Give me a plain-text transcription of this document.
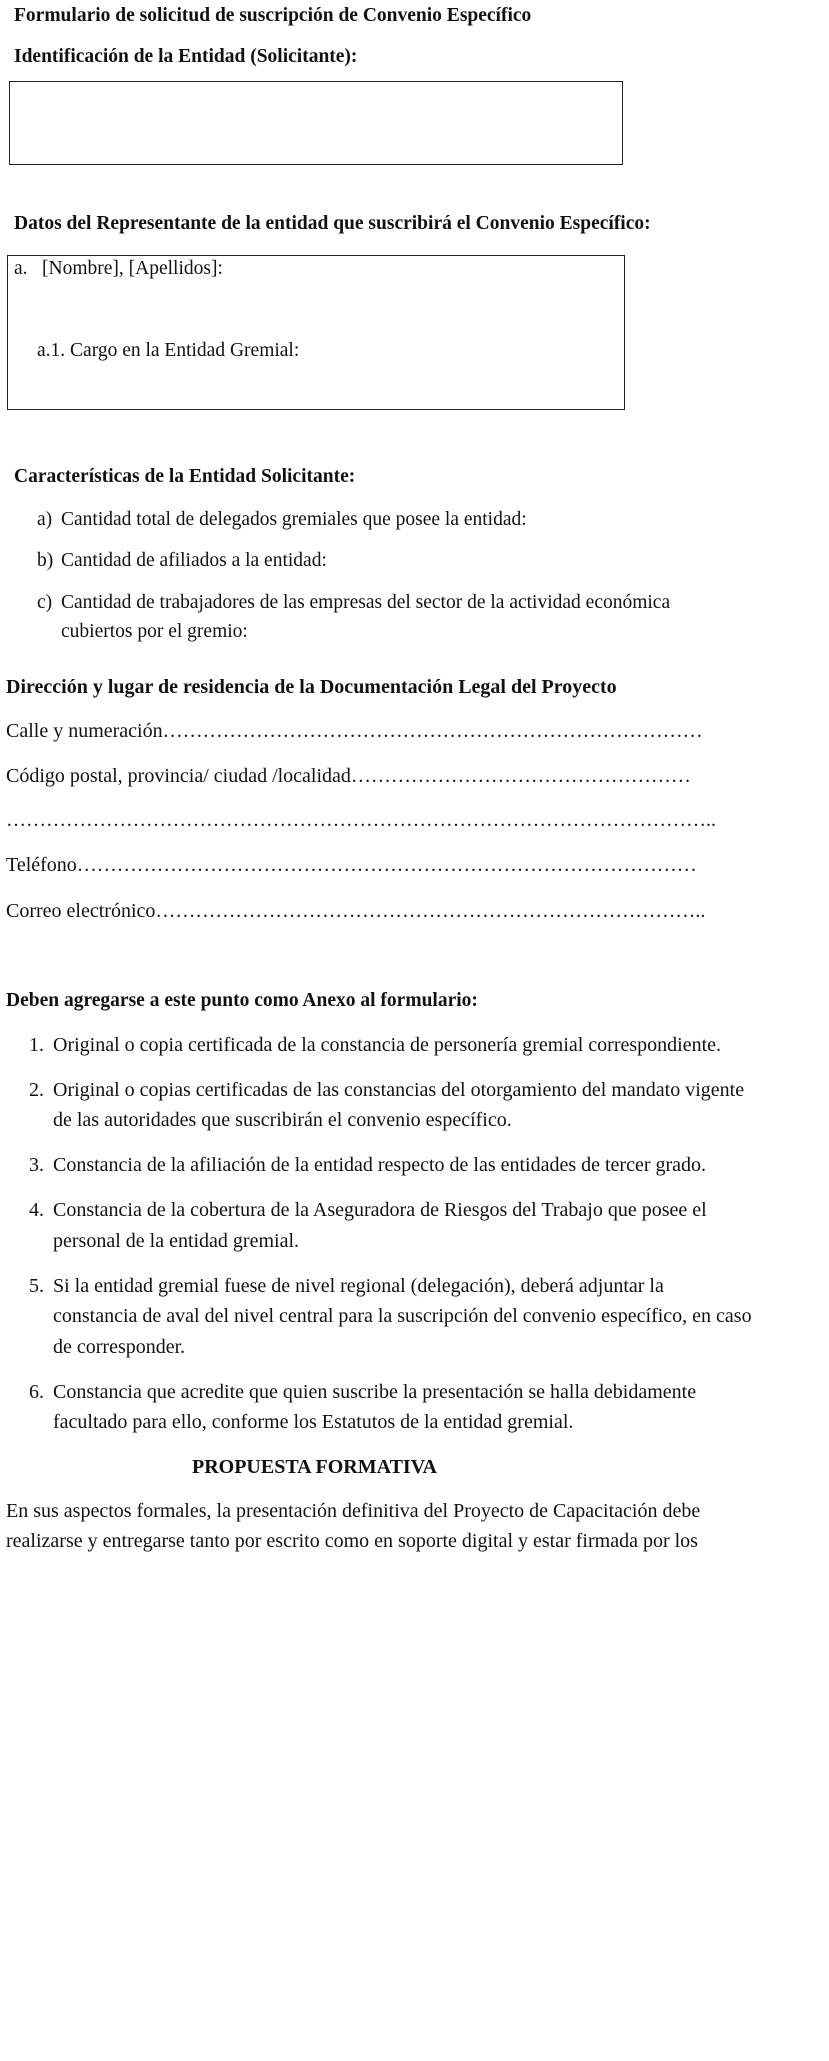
Formulario de solicitud de suscripción de Convenio Específico
Identificación de la Entidad (Solicitante):
Datos del Representante de la entidad que suscribirá el Convenio Específico:
a. [Nombre], [Apellidos]:
a.1. Cargo en la Entidad Gremial:
Características de la Entidad Solicitante:
a) Cantidad total de delegados gremiales que posee la entidad:
b) Cantidad de afiliados a la entidad:
c) Cantidad de trabajadores de las empresas del sector de la actividad económica
cubiertos por el gremio:
Dirección y lugar de residencia de la Documentación Legal del Proyecto
Calle y numeración………………………………………………………………………
Código postal, provincia/ ciudad /localidad……………………………………………
……………………………………………………………………………………………..
Teléfono…………………………………………………………………………………
Correo electrónico………………………………………………………………………..
Deben agregarse a este punto como Anexo al formulario:
1. Original o copia certificada de la constancia de personería gremial correspondiente.
2. Original o copias certificadas de las constancias del otorgamiento del mandato vigente
de las autoridades que suscribirán el convenio específico.
3. Constancia de la afiliación de la entidad respecto de las entidades de tercer grado.
4. Constancia de la cobertura de la Aseguradora de Riesgos del Trabajo que posee el
personal de la entidad gremial.
5. Si la entidad gremial fuese de nivel regional (delegación), deberá adjuntar la
constancia de aval del nivel central para la suscripción del convenio específico, en caso
de corresponder.
6. Constancia que acredite que quien suscribe la presentación se halla debidamente
facultado para ello, conforme los Estatutos de la entidad gremial.
PROPUESTA FORMATIVA
En sus aspectos formales, la presentación definitiva del Proyecto de Capacitación debe
realizarse y entregarse tanto por escrito como en soporte digital y estar firmada por los
